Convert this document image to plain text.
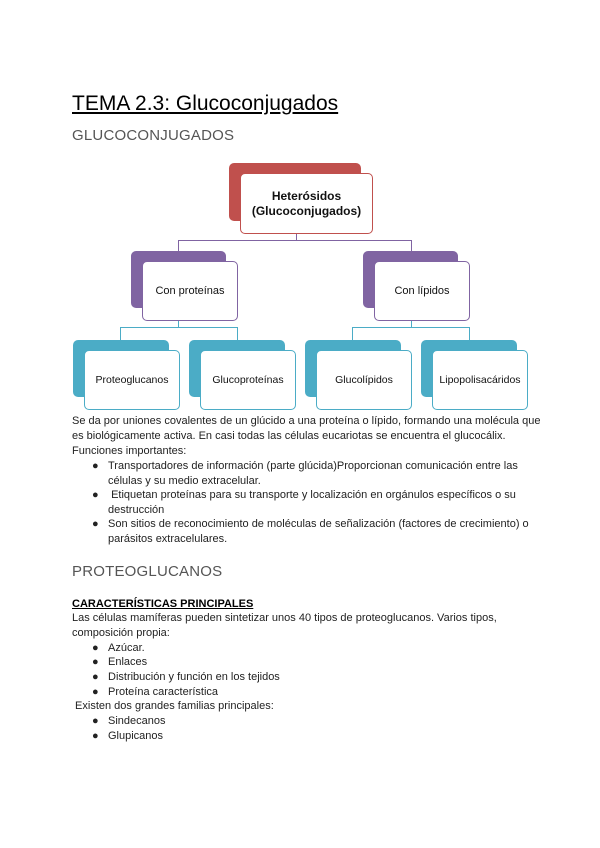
TEMA 2.3: Glucoconjugados
GLUCOCONJUGADOS
Heterósidos
(Glucoconjugados)
Con proteínas	Con lípidos
Proteoglucanos	Glucoproteínas	Glucolípidos	Lipopolisacáridos
Se da por uniones covalentes de un glúcido a una proteína o lípido, formando una molécula que es biológicamente activa. En casi todas las células eucariotas se encuentra el glucocálix. Funciones importantes:
● Transportadores de información (parte glúcida)Proporcionan comunicación entre las células y su medio extracelular.
● Etiquetan proteínas para su transporte y localización en orgánulos específicos o su destrucción
● Son sitios de reconocimiento de moléculas de señalización (factores de crecimiento) o parásitos extracelulares.
PROTEOGLUCANOS
CARACTERÍSTICAS PRINCIPALES
Las células mamíferas pueden sintetizar unos 40 tipos de proteoglucanos. Varios tipos, composición propia:
● Azúcar.
● Enlaces
● Distribución y función en los tejidos
● Proteína característica
Existen dos grandes familias principales:
● Sindecanos
● Glupicanos
